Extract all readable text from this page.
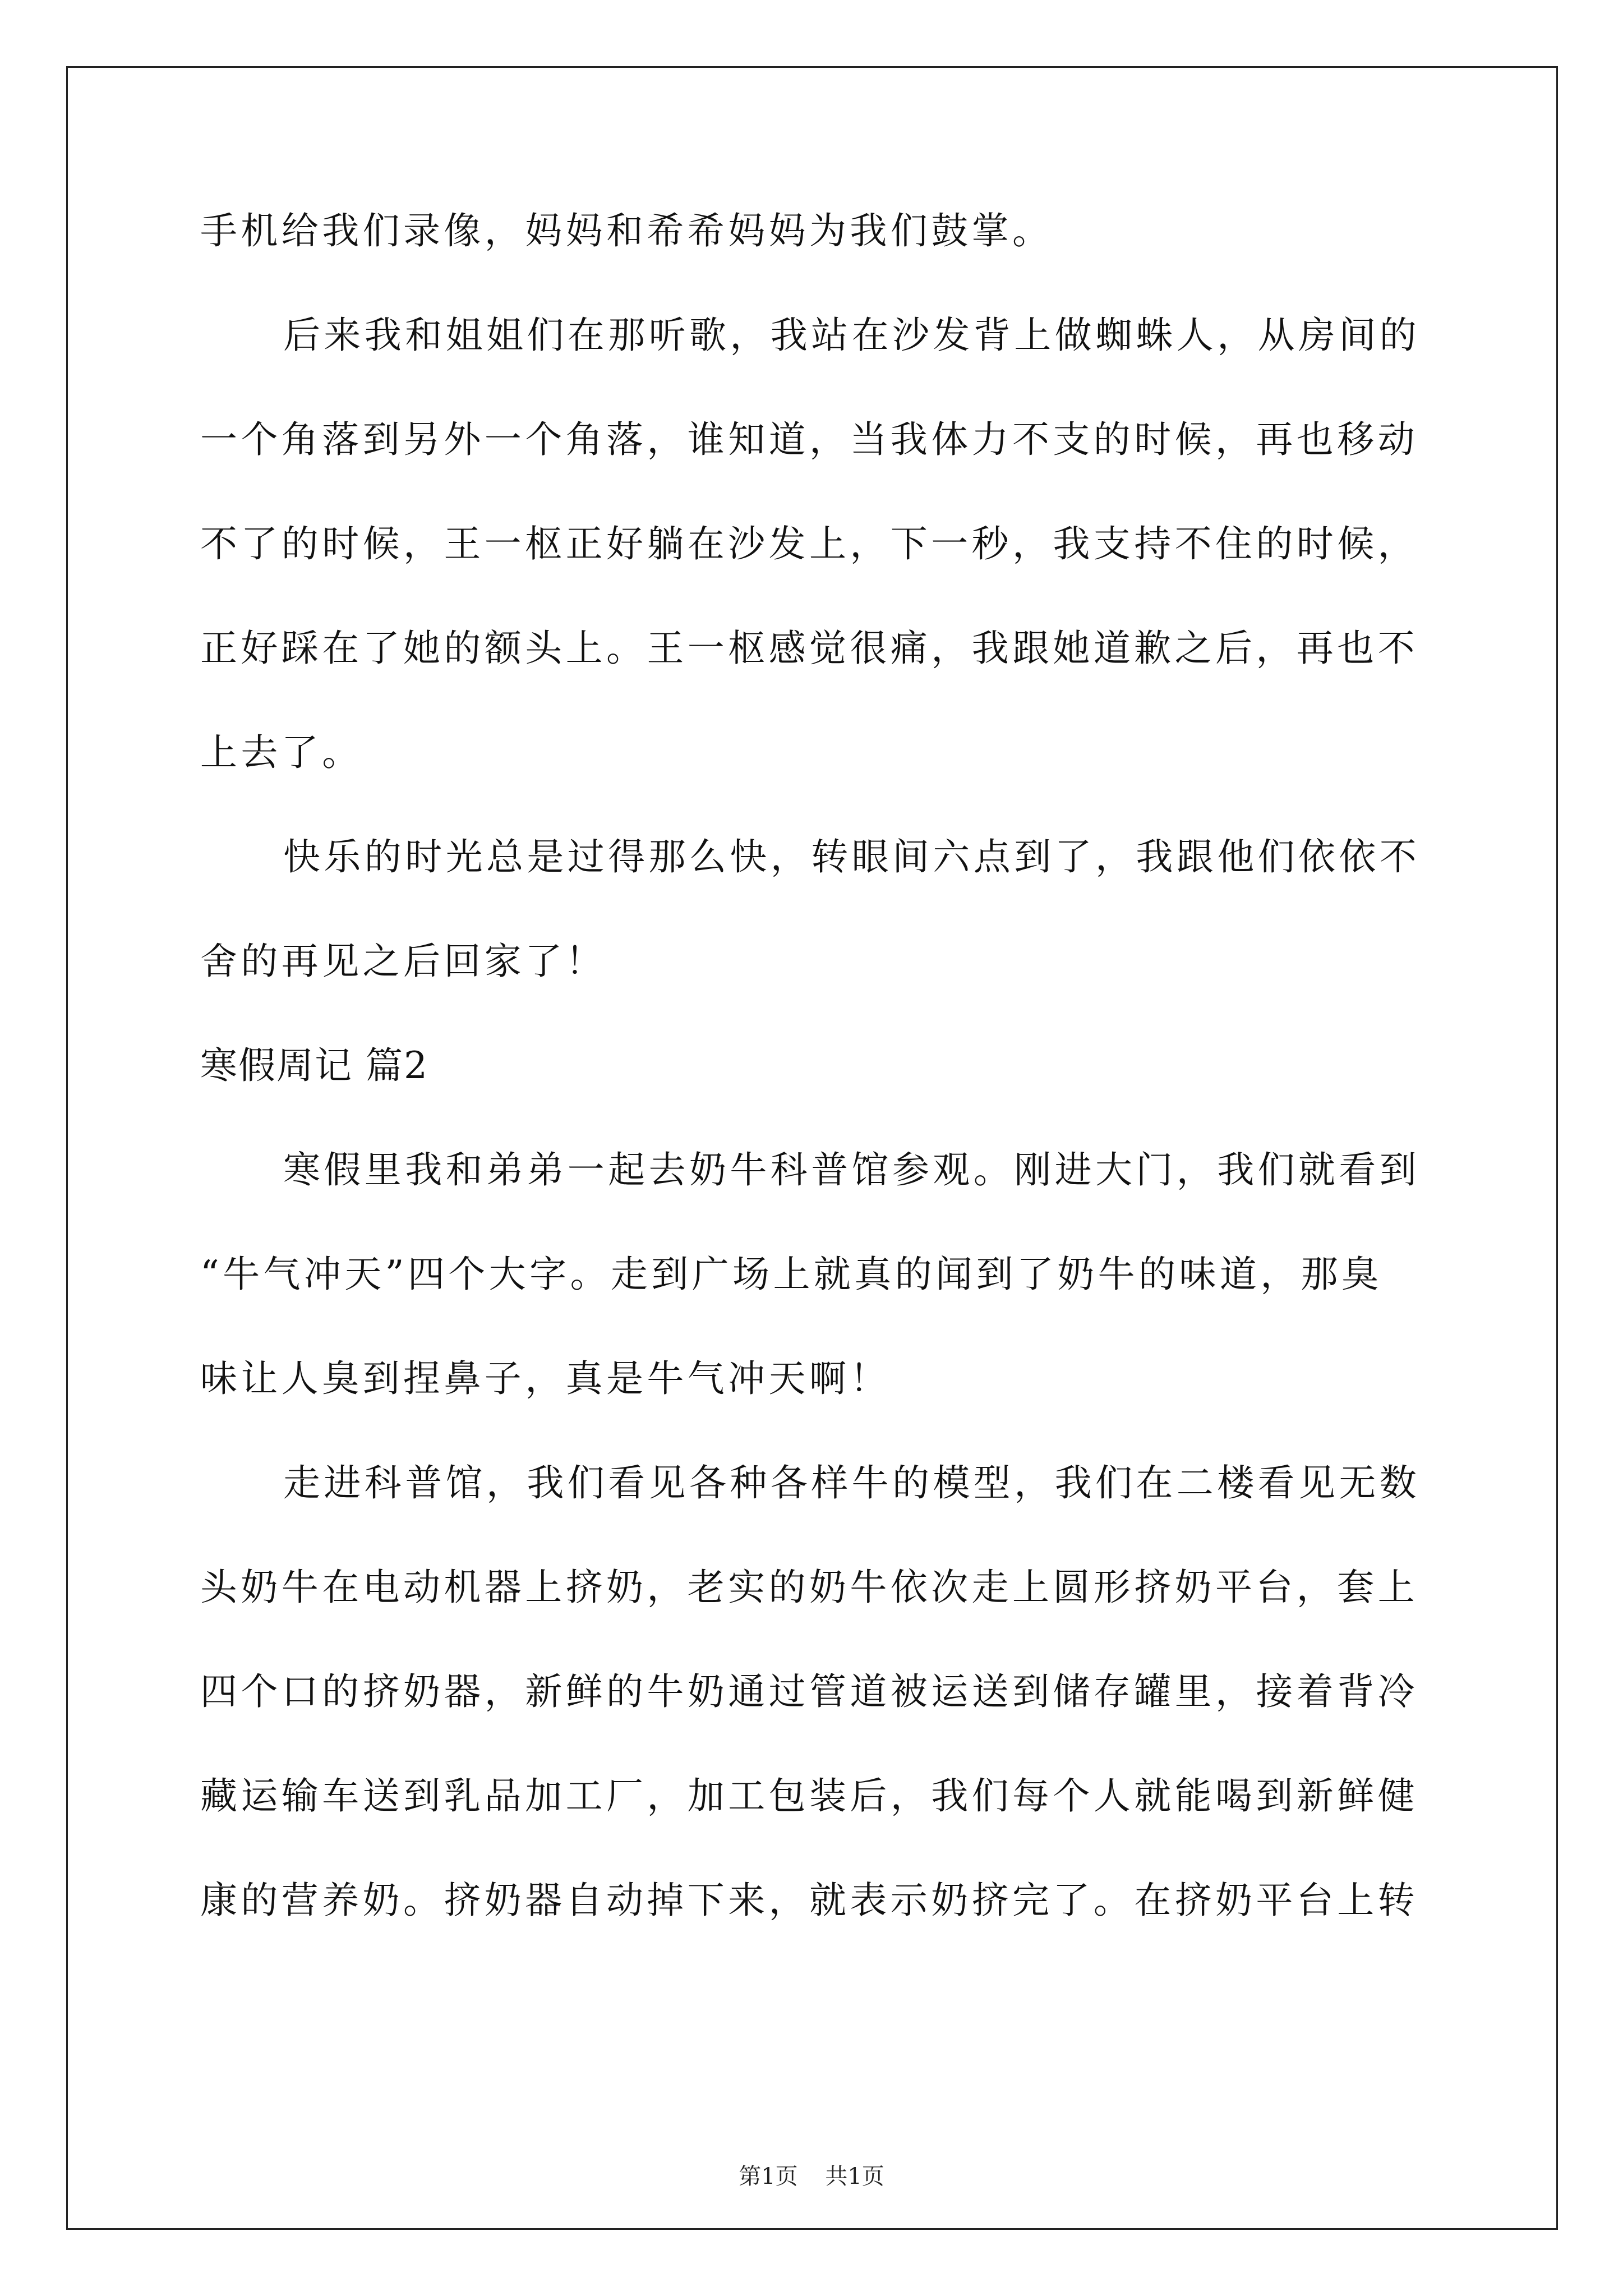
手机给我们录像，妈妈和希希妈妈为我们鼓掌。
后来我和姐姐们在那听歌，我站在沙发背上做蜘蛛人，从房间的
一个角落到另外一个角落，谁知道，当我体力不支的时候，再也移动
不了的时候，王一枢正好躺在沙发上，下一秒，我支持不住的时候，
正好踩在了她的额头上。王一枢感觉很痛，我跟她道歉之后，再也不
上去了。
快乐的时光总是过得那么快，转眼间六点到了，我跟他们依依不
舍的再见之后回家了！
寒假周记 篇2
寒假里我和弟弟一起去奶牛科普馆参观。刚进大门，我们就看到
“牛气冲天”四个大字。走到广场上就真的闻到了奶牛的味道，那臭
味让人臭到捏鼻子，真是牛气冲天啊！
走进科普馆，我们看见各种各样牛的模型，我们在二楼看见无数
头奶牛在电动机器上挤奶，老实的奶牛依次走上圆形挤奶平台，套上
四个口的挤奶器，新鲜的牛奶通过管道被运送到储存罐里，接着背冷
藏运输车送到乳品加工厂，加工包装后，我们每个人就能喝到新鲜健
康的营养奶。挤奶器自动掉下来，就表示奶挤完了。在挤奶平台上转
第1页 共1页
